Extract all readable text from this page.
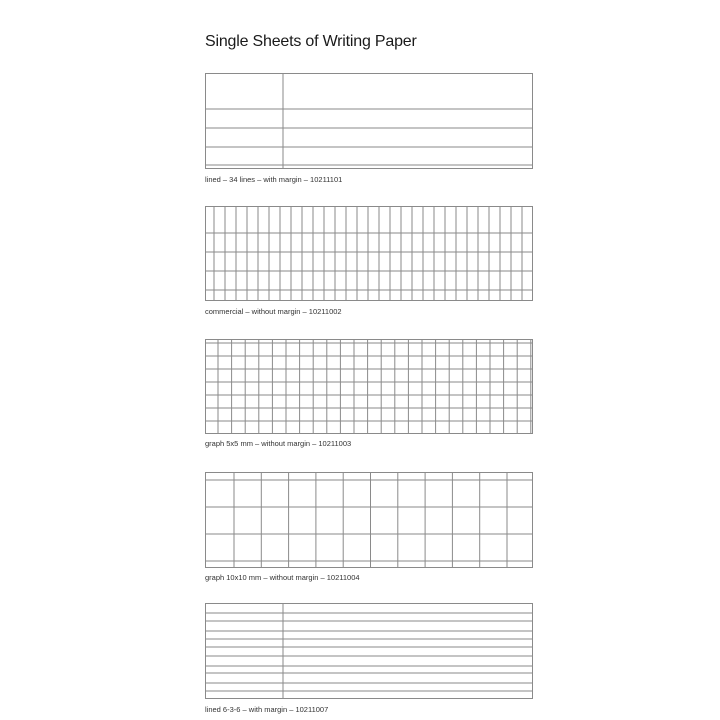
Single Sheets of Writing Paper
lined – 34 lines – with margin – 10211101
commercial – without margin – 10211002
graph 5x5 mm – without margin – 10211003
graph 10x10 mm – without margin – 10211004
lined 6-3-6 – with margin – 10211007
